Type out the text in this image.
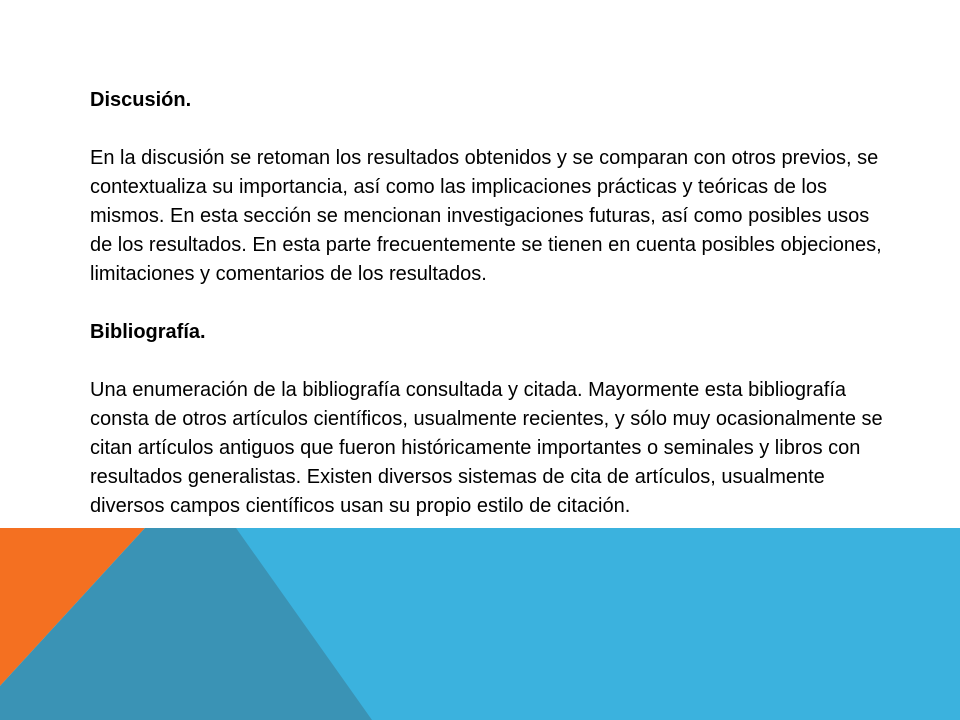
Discusión.

En la discusión se retoman los resultados obtenidos y se comparan con otros previos, se contextualiza su importancia, así como las implicaciones prácticas y teóricas de los mismos. En esta sección se mencionan investigaciones futuras, así como posibles usos de los resultados. En esta parte frecuentemente se tienen en cuenta posibles objeciones, limitaciones y comentarios de los resultados.

Bibliografía.

Una enumeración de la bibliografía consultada y citada. Mayormente esta bibliografía consta de otros artículos científicos, usualmente recientes, y sólo muy ocasionalmente se citan artículos antiguos que fueron históricamente importantes o seminales y libros con resultados generalistas. Existen diversos sistemas de cita de artículos, usualmente diversos campos científicos usan su propio estilo de citación.
